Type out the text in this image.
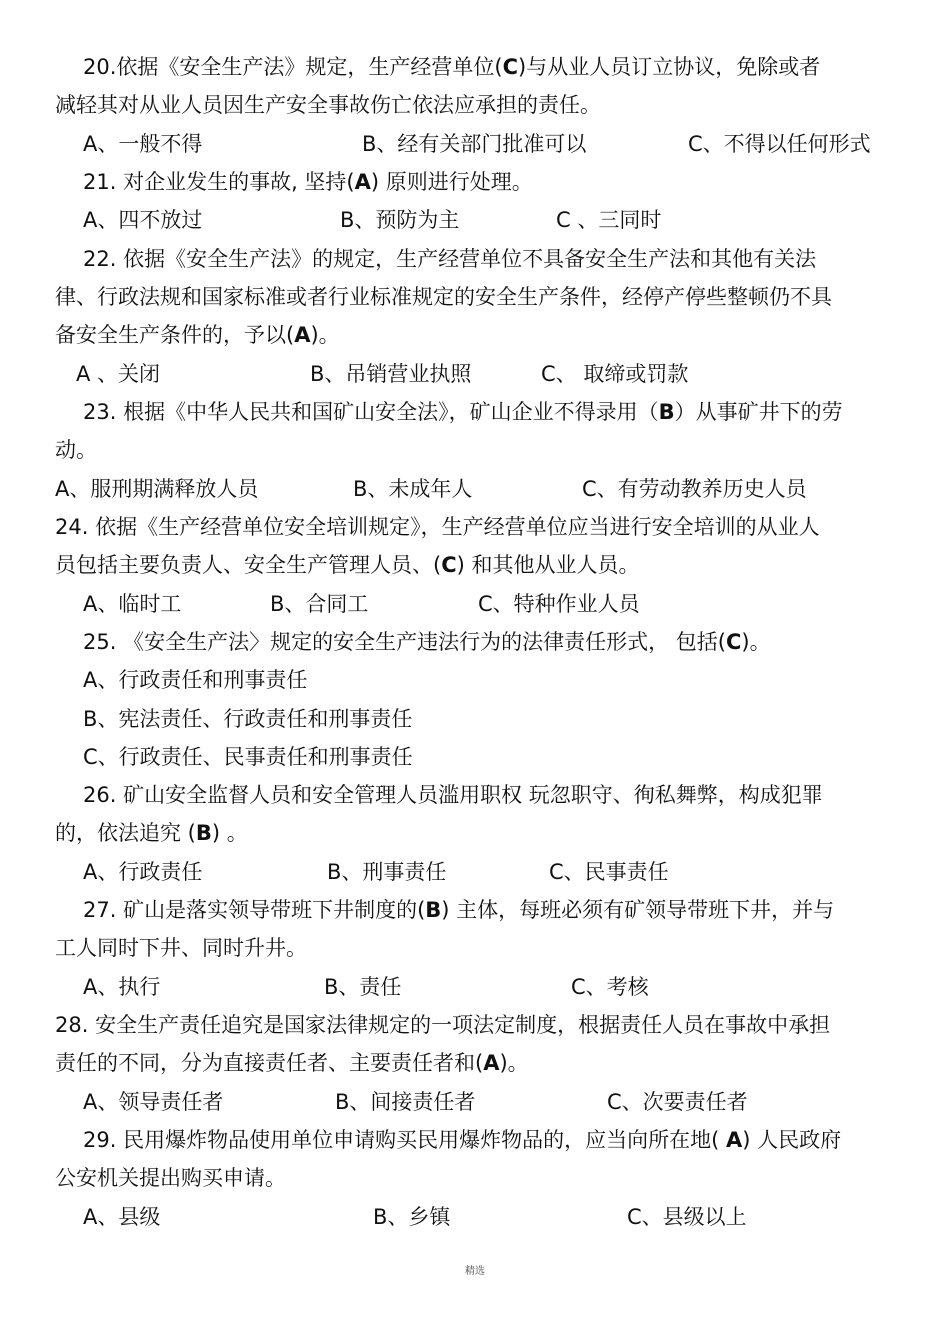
20.依据《安全生产法》规定，生产经营单位(C)与从业人员订立协议，免除或者
减轻其对从业人员因生产安全事故伤亡依法应承担的责任。
A、一般不得	B、经有关部门批准可以	C、不得以任何形式
21. 对企业发生的事故, 坚持(A) 原则进行处理。
A、四不放过	B、预防为主	C 、三同时
22. 依据《安全生产法》的规定，生产经营单位不具备安全生产法和其他有关法
律、行政法规和国家标准或者行业标准规定的安全生产条件，经停产停些整顿仍不具
备安全生产条件的，予以(A)。
A 、关闭	B、吊销营业执照	C、 取缔或罚款
23. 根据《中华人民共和国矿山安全法》，矿山企业不得录用（B）从事矿井下的劳
动。
A、服刑期满释放人员	B、未成年人	C、有劳动教养历史人员
24. 依据《生产经营单位安全培训规定》，生产经营单位应当进行安全培训的从业人
员包括主要负责人、安全生产管理人员、(C) 和其他从业人员。
A、临时工	B、合同工	C、特种作业人员
25. 《安全生产法〉规定的安全生产违法行为的法律责任形式， 包括(C)。
A、行政责任和刑事责任
B、宪法责任、行政责任和刑事责任
C、行政责任、民事责任和刑事责任
26. 矿山安全监督人员和安全管理人员滥用职权 玩忽职守、徇私舞弊，构成犯罪
的，依法追究 (B) 。
A、行政责任	B、刑事责任	C、民事责任
27. 矿山是落实领导带班下井制度的(B) 主体，每班必须有矿领导带班下井，并与
工人同时下井、同时升井。
A、执行	B、责任	C、考核
28. 安全生产责任追究是国家法律规定的一项法定制度，根据责任人员在事故中承担
责任的不同，分为直接责任者、主要责任者和(A)。
A、领导责任者	B、间接责任者	C、次要责任者
29. 民用爆炸物品使用单位申请购买民用爆炸物品的，应当向所在地( A) 人民政府
公安机关提出购买申请。
A、县级	B、乡镇	C、县级以上
精选
